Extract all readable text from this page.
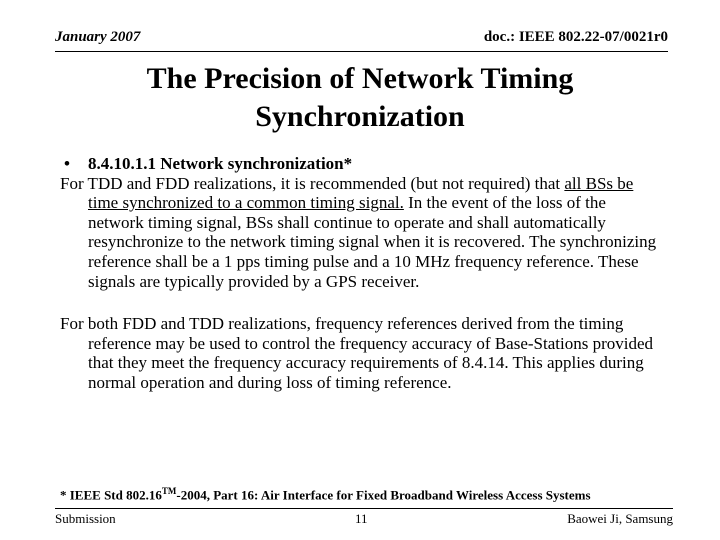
January 2007	doc.: IEEE 802.22-07/0021r0
The Precision of Network Timing
Synchronization
• 8.4.10.1.1 Network synchronization*

For TDD and FDD realizations, it is recommended (but not required) that all BSs be time synchronized to a common timing signal. In the event of the loss of the network timing signal, BSs shall continue to operate and shall automatically resynchronize to the network timing signal when it is recovered. The synchronizing reference shall be a 1 pps timing pulse and a 10 MHz frequency reference. These signals are typically provided by a GPS receiver.

For both FDD and TDD realizations, frequency references derived from the timing reference may be used to control the frequency accuracy of Base-Stations provided that they meet the frequency accuracy requirements of 8.4.14. This applies during normal operation and during loss of timing reference.

* IEEE Std 802.16™-2004, Part 16: Air Interface for Fixed Broadband Wireless Access Systems
Submission	11	Baowei Ji, Samsung
